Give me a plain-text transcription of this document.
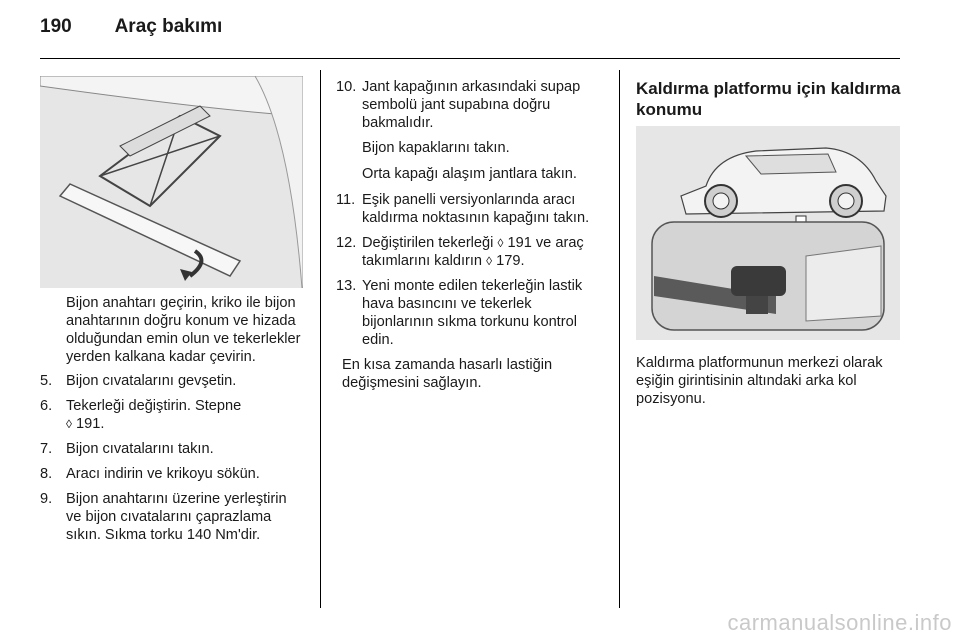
190 Araç bakımı

Bijon anahtarı geçirin, kriko ile bijon anahtarının doğru konum ve hizada olduğundan emin olun ve tekerlekler yerden kalkana kadar çevirin.

5. Bijon cıvatalarını gevşetin.
6. Tekerleği değiştirin. Stepne
◊ 191.
7. Bijon cıvatalarını takın.
8. Aracı indirin ve krikoyu sökün.
9. Bijon anahtarını üzerine yerleştirin ve bijon cıvatalarını çaprazlama sıkın. Sıkma torku 140 Nm'dir.
10. Jant kapağının arkasındaki supap sembolü jant supabına doğru bakmalıdır.

Bijon kapaklarını takın.

Orta kapağı alaşım jantlara takın.

11. Eşik panelli versiyonlarında aracı kaldırma noktasının kapağını takın.
12. Değiştirilen tekerleği ◊ 191 ve araç takımlarını kaldırın ◊ 179.
13. Yeni monte edilen tekerleğin lastik hava basıncını ve tekerlek bijonlarının sıkma torkunu kontrol edin.

En kısa zamanda hasarlı lastiğin değişmesini sağlayın.

Kaldırma platformu için kaldırma konumu

Kaldırma platformunun merkezi olarak eşiğin girintisinin altındaki arka kol pozisyonu.

carmanualsonline.info
